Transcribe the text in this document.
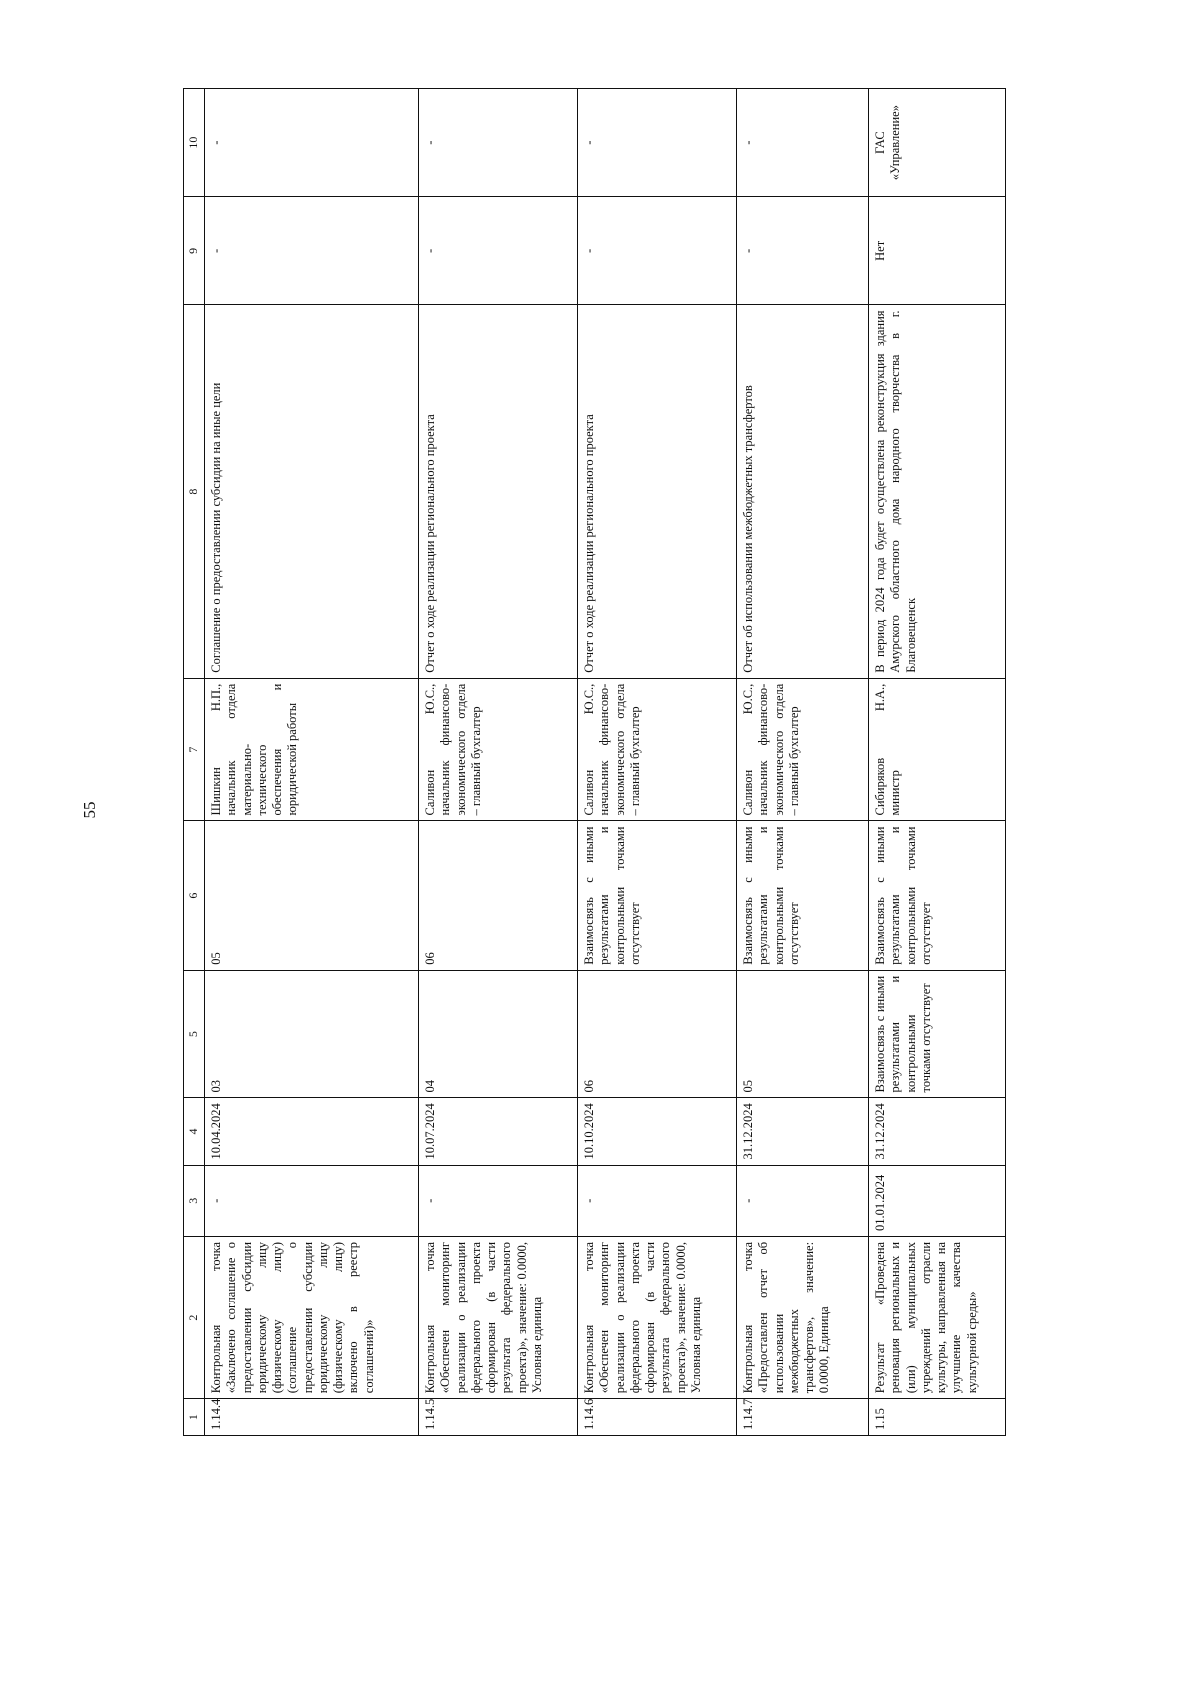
55
1	2	3	4	5	6	7	8	9	10
1.14.4	Контрольная точка «Заключено соглашение о предоставлении субсидии юридическому лицу (физическому лицу) (соглашение о предоставлении субсидии юридическому лицу (физическому лицу) включено в реестр соглашений)»	-	10.04.2024	03	05	Шишкин Н.П., начальник отдела материально-технического обеспечения и юридической работы	Соглашение о предоставлении субсидии на иные цели	-	-
1.14.5	Контрольная точка «Обеспечен мониторинг реализации о реализации федерального проекта сформирован (в части результата федерального проекта)», значение: 0.0000, Условная единица	-	10.07.2024	04	06	Саливон Ю.С., начальник финансово-экономического отдела – главный бухгалтер	Отчет о ходе реализации регионального проекта	-	-
1.14.6	Контрольная точка «Обеспечен мониторинг реализации о реализации федерального проекта сформирован (в части результата федерального проекта)», значение: 0.0000, Условная единица	-	10.10.2024	06	Взаимосвязь с иными результатами и контрольными точками отсутствует	Саливон Ю.С., начальник финансово-экономического отдела – главный бухгалтер	Отчет о ходе реализации регионального проекта	-	-
1.14.7	Контрольная точка «Предоставлен отчет об использовании межбюджетных трансфертов», значение: 0.0000, Единица	-	31.12.2024	05	Взаимосвязь с иными результатами и контрольными точками отсутствует	Саливон Ю.С., начальник финансово-экономического отдела – главный бухгалтер	Отчет об использовании межбюджетных трансфертов	-	-
1.15	Результат «Проведена реновация региональных и (или) муниципальных учреждений отрасли культуры, направленная на улучшение качества культурной среды»	01.01.2024	31.12.2024	Взаимосвязь с иными результатами и контрольными точками отсутствует	Взаимосвязь с иными результатами и контрольными точками отсутствует	Сибиряков Н.А., министр	В период 2024 года будет осуществлена реконструкция здания Амурского областного дома народного творчества в г. Благовещенск	Нет	ГАС «Управление»
